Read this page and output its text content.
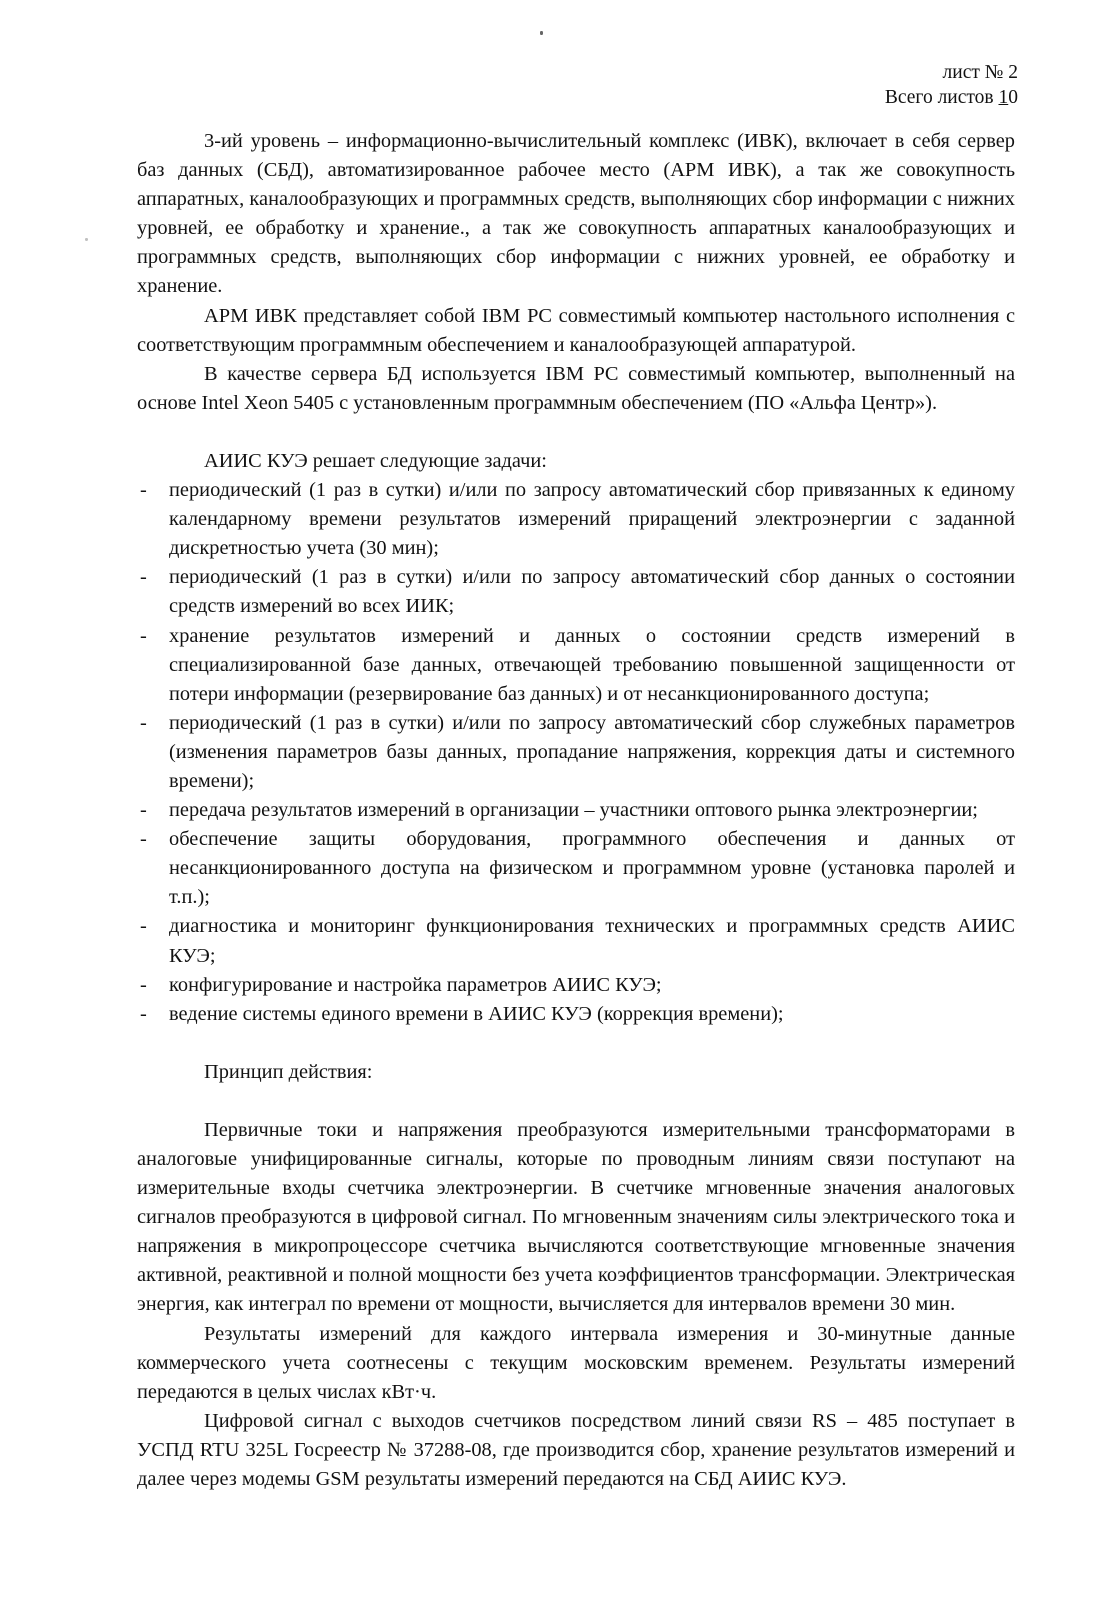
лист № 2
Всего листов 10

3-ий уровень – информационно-вычислительный комплекс (ИВК), включает в себя сервер баз данных (СБД), автоматизированное рабочее место (АРМ ИВК), а так же совокупность аппаратных, каналообразующих и программных средств, выполняющих сбор информации с нижних уровней, ее обработку и хранение., а так же совокупность аппаратных каналообразующих и программных средств, выполняющих сбор информации с нижних уровней, ее обработку и хранение.

АРМ ИВК представляет собой IBM PC совместимый компьютер настольного исполнения с соответствующим программным обеспечением и каналообразующей аппаратурой.

В качестве сервера БД используется IBM PC совместимый компьютер, выполненный на основе Intel Xeon 5405 с установленным программным обеспечением (ПО «Альфа Центр»).

АИИС КУЭ решает следующие задачи:

-	периодический (1 раз в сутки) и/или по запросу автоматический сбор привязанных к единому календарному времени результатов измерений приращений электроэнергии с заданной дискретностью учета (30 мин);
-	периодический (1 раз в сутки) и/или по запросу автоматический сбор данных о состоянии средств измерений во всех ИИК;
-	хранение результатов измерений и данных о состоянии средств измерений в специализированной базе данных, отвечающей требованию повышенной защищенности от потери информации (резервирование баз данных) и от несанкционированного доступа;
-	периодический (1 раз в сутки) и/или по запросу автоматический сбор служебных параметров (изменения параметров базы данных, пропадание напряжения, коррекция даты и системного времени);
-	передача результатов измерений в организации – участники оптового рынка электроэнергии;
-	обеспечение защиты оборудования, программного обеспечения и данных от несанкционированного доступа на физическом и программном уровне (установка паролей и т.п.);
-	диагностика и мониторинг функционирования технических и программных средств АИИС КУЭ;
-	конфигурирование и настройка параметров АИИС КУЭ;
-	ведение системы единого времени в АИИС КУЭ (коррекция времени);

Принцип действия:

Первичные токи и напряжения преобразуются измерительными трансформаторами в аналоговые унифицированные сигналы, которые по проводным линиям связи поступают на измерительные входы счетчика электроэнергии. В счетчике мгновенные значения аналоговых сигналов преобразуются в цифровой сигнал. По мгновенным значениям силы электрического тока и напряжения в микропроцессоре счетчика вычисляются соответствующие мгновенные значения активной, реактивной и полной мощности без учета коэффициентов трансформации. Электрическая энергия, как интеграл по времени от мощности, вычисляется для интервалов времени 30 мин.

Результаты измерений для каждого интервала измерения и 30-минутные данные коммерческого учета соотнесены с текущим московским временем. Результаты измерений передаются в целых числах кВт·ч.

Цифровой сигнал с выходов счетчиков посредством линий связи RS – 485 поступает в УСПД RTU 325L Госреестр № 37288-08, где производится сбор, хранение результатов измерений и далее через модемы GSM результаты измерений передаются на СБД АИИС КУЭ.
